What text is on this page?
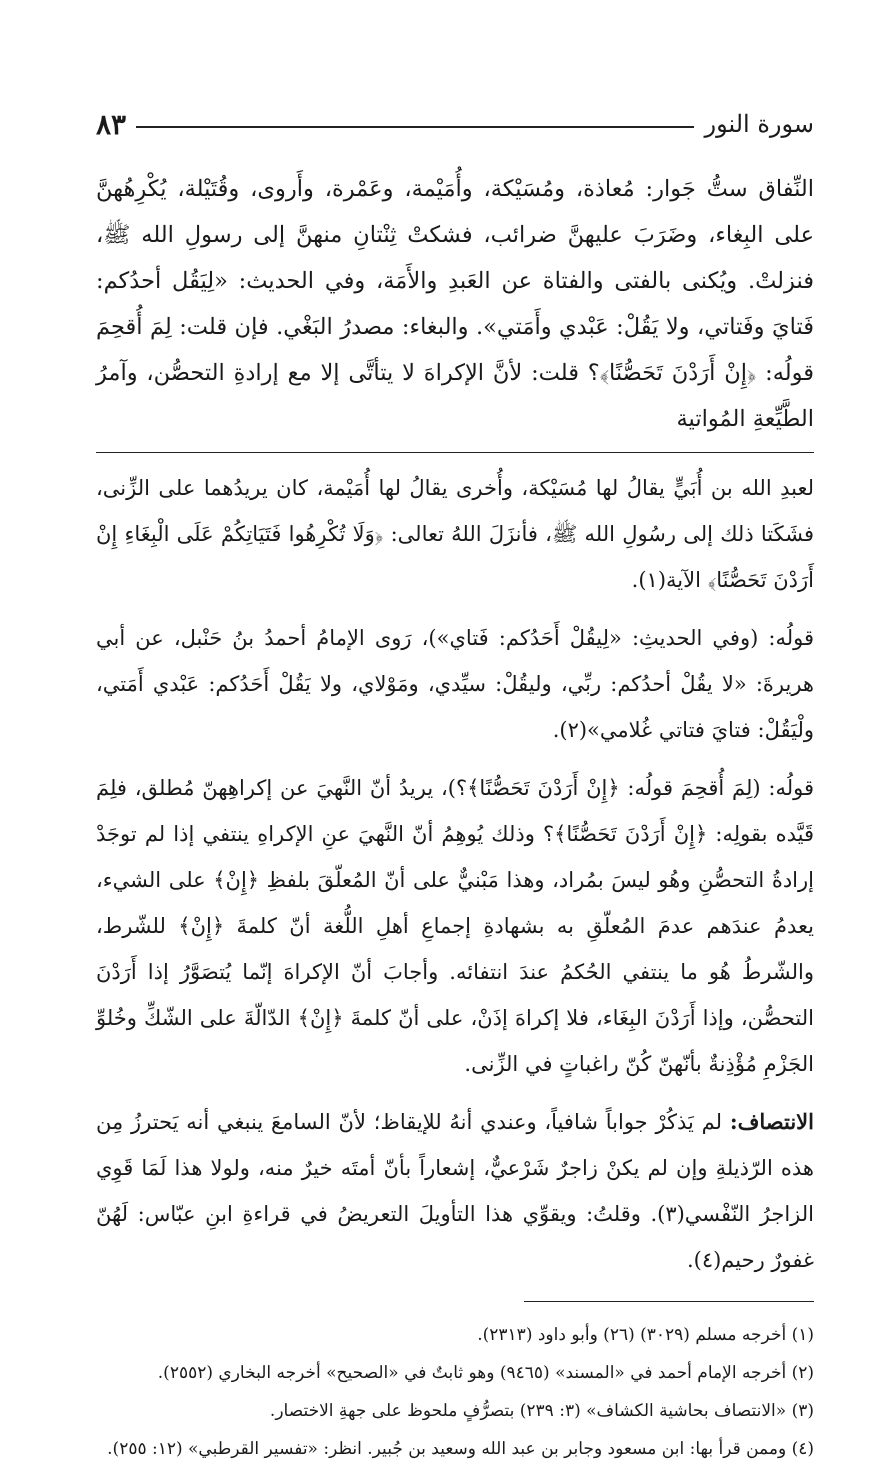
سورة النور
٨٣

النِّفاق ستُّ جَوار: مُعاذة، ومُسَيْكة، وأُمَيْمة، وعَمْرة، وأَروى، وقُتَيْلة، يُكْرِهُهنَّ على البِغاء، وضَرَبَ عليهنَّ ضرائب، فشكتْ ثِنْتانِ منهنَّ إلى رسولِ الله ﷺ، فنزلتْ. ويُكنى بالفتى والفتاة عن العَبدِ والأَمَة، وفي الحديث: «لِيَقُل أحدُكم: فَتايَ وفَتاتي، ولا يَقُلْ: عَبْدي وأَمَتي». والبغاء: مصدرُ البَغْي. فإن قلت: لِمَ أُقحِمَ قولُه: ﴿إِنْ أَرَدْنَ تَحَصُّنًا﴾؟ قلت: لأنَّ الإكراهَ لا يتأتَّى إلا مع إرادةِ التحصُّن، وآمرُ الطَّيِّعةِ المُواتية

لعبدِ الله بن أُبَيٍّ يقالُ لها مُسَيْكة، وأُخرى يقالُ لها أُمَيْمة، كان يريدُهما على الزِّنى، فشَكَتا ذلك إلى رسُولِ الله ﷺ، فأنزَلَ اللهُ تعالى: ﴿وَلَا تُكْرِهُوا فَتَيَاتِكُمْ عَلَى الْبِغَاءِ إِنْ أَرَدْنَ تَحَصُّنًا﴾ الآية(١).

قولُه: (وفي الحديثِ: «لِيقُلْ أَحَدُكم: فَتاي»)، رَوى الإمامُ أحمدُ بنُ حَنْبل، عن أبي هريرةَ: «لا يقُلْ أحدُكم: ربِّي، وليقُلْ: سيِّدي، ومَوْلاي، ولا يَقُلْ أَحَدُكم: عَبْدي أَمَتي، ولْيَقُلْ: فتايَ فتاتي غُلامي»(٢).

قولُه: (لِمَ أُقحِمَ قولُه: ﴿إِنْ أَرَدْنَ تَحَصُّنًا﴾؟)، يريدُ أنّ النَّهيَ عن إكراهِهنّ مُطلق، فلِمَ قَيَّده بقولِه: ﴿إِنْ أَرَدْنَ تَحَصُّنًا﴾؟ وذلك يُوهِمُ أنّ النَّهيَ عنِ الإكراهِ ينتفي إذا لم توجَدْ إرادةُ التحصُّنِ وهُو ليسَ بمُراد، وهذا مَبْنيٌّ على أنّ المُعلّقَ بلفظِ ﴿إِنْ﴾ على الشيء، يعدمُ عندَهم عدمَ المُعلّقِ به بشهادةِ إجماعِ أهلِ اللُّغة أنّ كلمةَ ﴿إِنْ﴾ للشّرط، والشّرطُ هُو ما ينتفي الحُكمُ عندَ انتفائه. وأجابَ أنّ الإكراهَ إنّما يُتصَوَّرُ إذا أَرَدْنَ التحصُّن، وإذا أَرَدْنَ البِغَاء، فلا إكراهَ إذَنْ، على أنّ كلمةَ ﴿إِنْ﴾ الدّالّةَ على الشّكِّ وخُلوِّ الجَزْمِ مُؤْذِنةٌ بأنّهنّ كُنّ راغباتٍ في الزِّنى.

الانتصاف: لم يَذكُرْ جواباً شافياً، وعندي أنهُ للإيقاظ؛ لأنّ السامعَ ينبغي أنه يَحترزُ مِن هذه الرّذيلةِ وإن لم يكنْ زاجرٌ شَرْعيٌّ، إشعاراً بأنّ أمتَه خيرٌ منه، ولولا هذا لَمَا قَوِي الزاجرُ النّفْسي(٣). وقلتُ: ويقوِّي هذا التأويلَ التعريضُ في قراءةِ ابنِ عبّاس: لَهُنّ غفورٌ رحيم(٤).

(١) أخرجه مسلم (٣٠٢٩) (٢٦) وأبو داود (٢٣١٣).
(٢) أخرجه الإمام أحمد في «المسند» (٩٤٦٥) وهو ثابتٌ في «الصحيح» أخرجه البخاري (٢٥٥٢).
(٣) «الانتصاف بحاشية الكشاف» (٣: ٢٣٩) بتصرُّفٍ ملحوظ على جهةِ الاختصار.
(٤) وممن قرأ بها: ابن مسعود وجابر بن عبد الله وسعيد بن جُبير. انظر: «تفسير القرطبي» (١٢: ٢٥٥).
